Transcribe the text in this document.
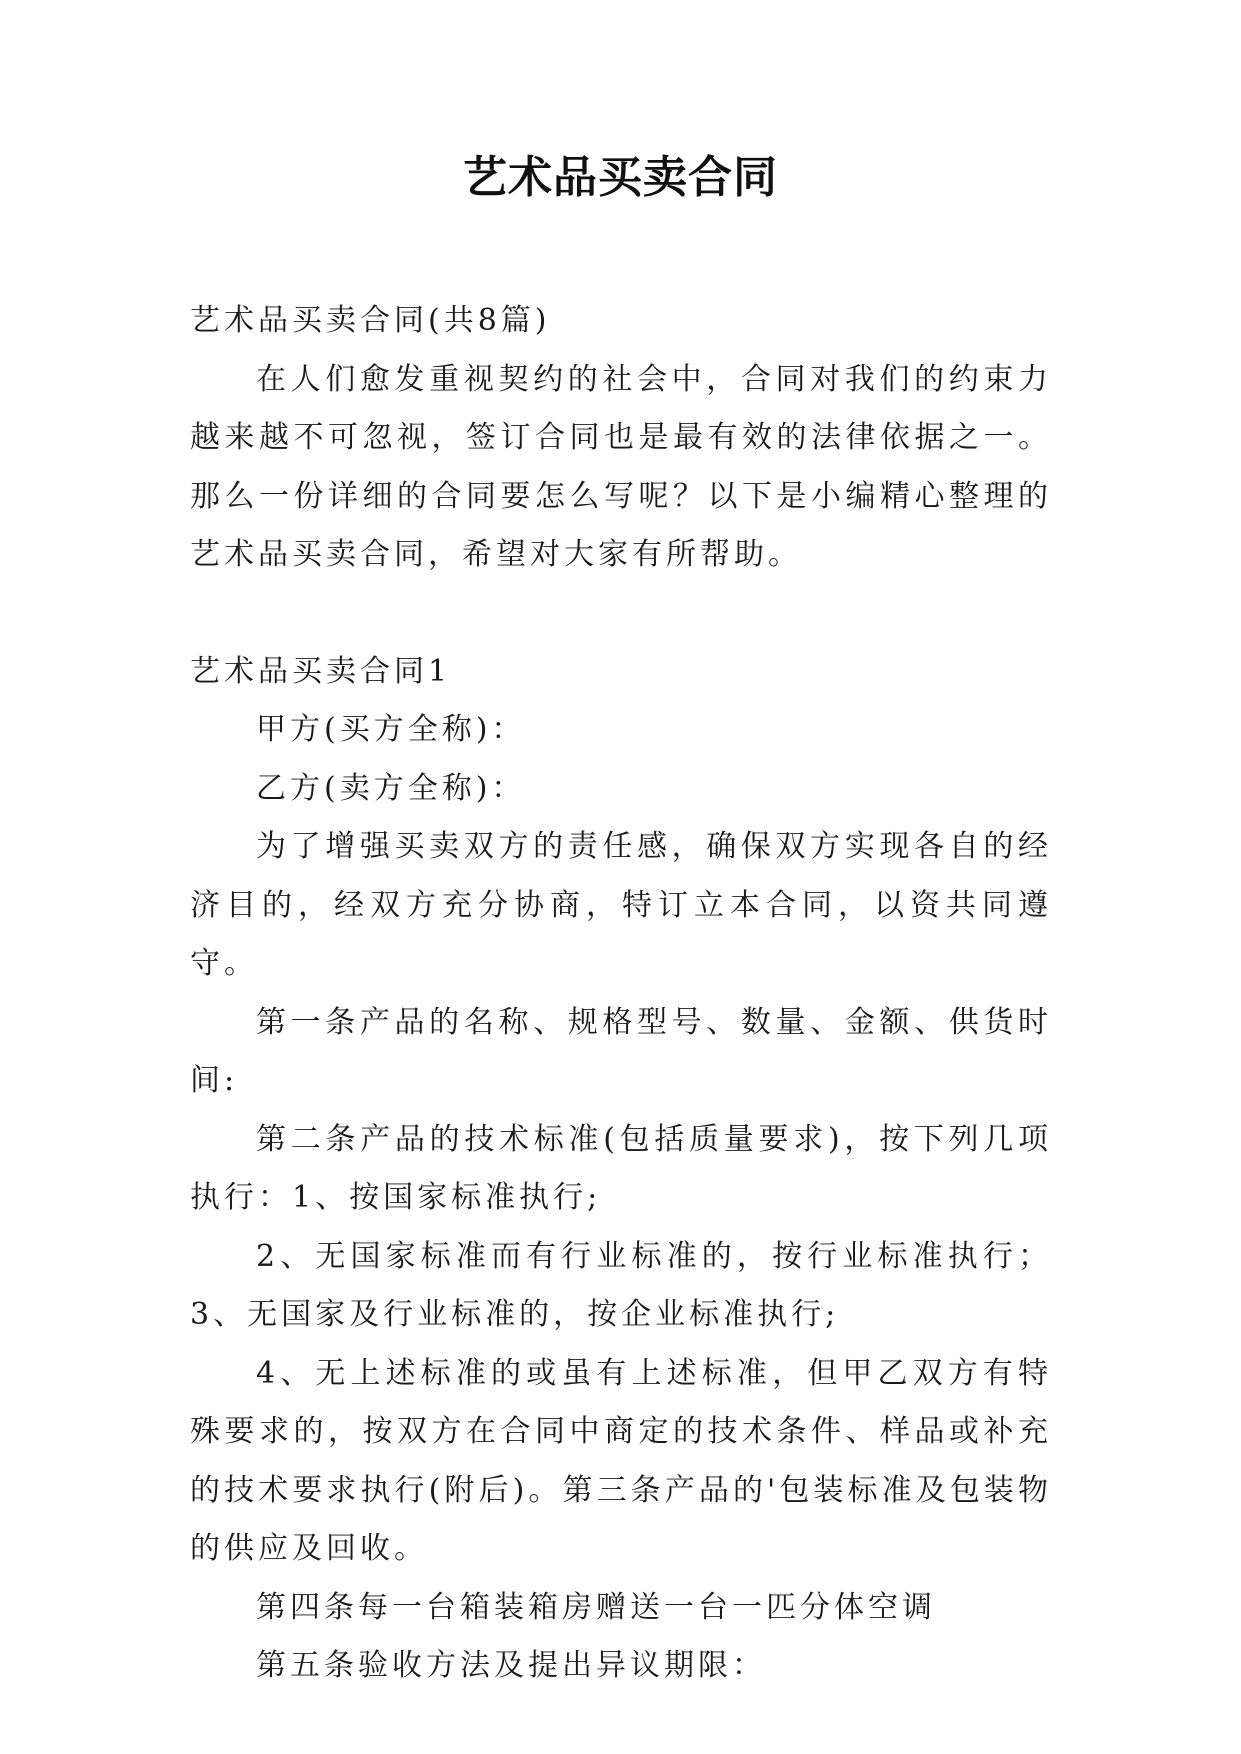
艺术品买卖合同

艺术品买卖合同(共8篇)

在人们愈发重视契约的社会中，合同对我们的约束力越来越不可忽视，签订合同也是最有效的法律依据之一。那么一份详细的合同要怎么写呢？以下是小编精心整理的艺术品买卖合同，希望对大家有所帮助。

艺术品买卖合同1

甲方(买方全称)：

乙方(卖方全称)：

为了增强买卖双方的责任感，确保双方实现各自的经济目的，经双方充分协商，特订立本合同，以资共同遵守。

第一条产品的名称、规格型号、数量、金额、供货时间:

第二条产品的技术标准(包括质量要求)，按下列几项执行：1、按国家标准执行;

2、无国家标准而有行业标准的，按行业标准执行；3、无国家及行业标准的，按企业标准执行;

4、无上述标准的或虽有上述标准，但甲乙双方有特殊要求的，按双方在合同中商定的技术条件、样品或补充的技术要求执行(附后)。第三条产品的'包装标准及包装物的供应及回收。

第四条每一台箱装箱房赠送一台一匹分体空调

第五条验收方法及提出异议期限：
